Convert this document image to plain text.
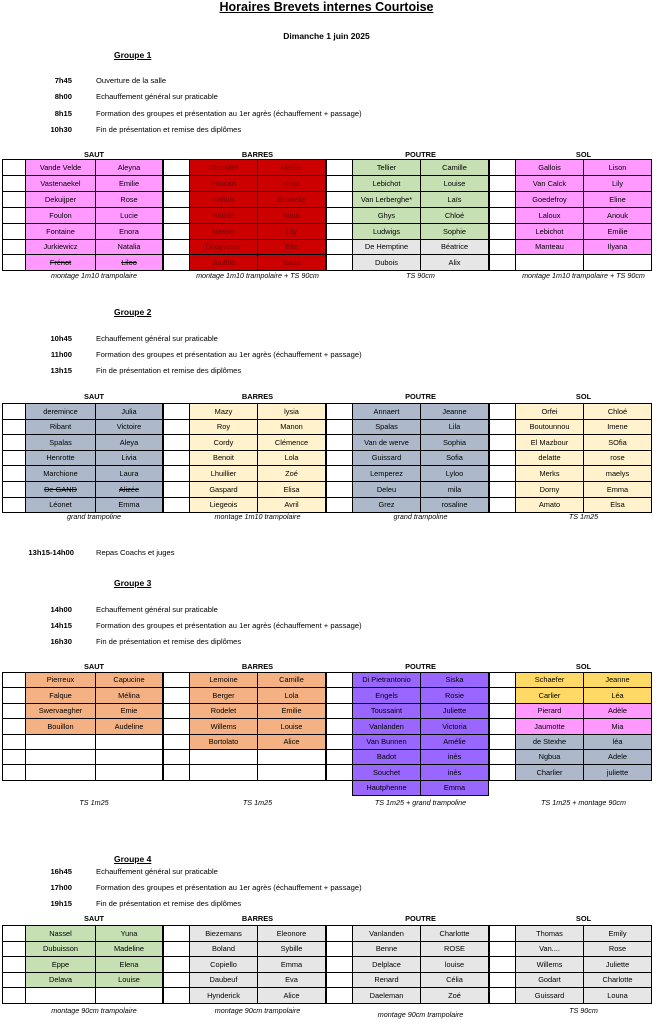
Horaires Brevets internes Courtoise
Dimanche 1 juin 2025
Groupe 1
7h45	Ouverture de la salle
8h00	Echauffement général sur praticable
8h15	Formation des groupes et présentation au 1er agrès (échauffement + passage)
10h30	Fin de présentation et remise des diplômes
SAUT
Vande Velde	Aleyna
Vastenaekel	Emilie
Dekuijper	Rose
Foulon	Lucie
Fontaine	Enora
Jurkiewicz	Natalia
Frénot	Liloo
montage 1m10 trampolaire
BARRES
Obergfell	Maëlle
Foucart	maya
Gallois	Brivaelle
Ridelle	Mina
Nassel	Lily
Dhuyvetter	Elie
Jouffila	Nada
montage 1m10 trampolaire + TS 90cm
POUTRE
Tellier	Camille
Lebichot	Louise
Van Lerberghe*	Laïs
Ghys	Chloé
Ludwigs	Sophie
De Hemptine	Béatrice
Dubois	Alix
TS 90cm
SOL
Gallois	Lison
Van Calck	Lily
Goedefroy	Eline
Laloux	Anouk
Lebichot	Emilie
Manteau	Ilyana
montage 1m10 trampolaire + TS 90cm
Groupe 2
10h45	Echauffement général sur praticable
11h00	Formation des groupes et présentation au 1er agrès (échauffement + passage)
13h15	Fin de présentation et remise des diplômes
SAUT
deremince	Julia
Ribant	Victoire
Spalas	Aleya
Henrotte	Livia
Marchione	Laura
De GAND	Alizée
Léonet	Emma
grand trampoline
BARRES
Mazy	lysia
Roy	Manon
Cordy	Clémence
Benoit	Lola
Lhuillier	Zoé
Gaspard	Elisa
Liegeois	Avril
montage 1m10 trampolaire
POUTRE
Annaert	Jeanne
Spalas	Lila
Van de werve	Sophia
Guissard	Sofia
Lemperez	Lyloo
Deleu	mila
Grez	rosaline
grand trampoline
SOL
Orfei	Chloé
Boutounnou	Imene
El Mazbour	SOfia
delatte	rose
Merks	maelys
Dorny	Emma
Amato	Elsa
TS 1m25
13h15-14h00	Repas Coachs et juges
Groupe 3
14h00	Echauffement général sur praticable
14h15	Formation des groupes et présentation au 1er agrès (échauffement + passage)
16h30	Fin de présentation et remise des diplômes
SAUT
Pierreux	Capucine
Falque	Mélina
Swervaegher	Emie
Bouillon	Audeline
TS 1m25
BARRES
Lemoine	Camille
Berger	Lola
Rodelet	Emilie
Willems	Louise
Bortolato	Alice
TS 1m25
POUTRE
Di Pietrantonio	Siska
Engels	Rosie
Toussaint	Juliette
Vanlanden	Victoria
Van Bunnen	Amélie
Badot	inès
Souchet	inès
Hautphenne	Emma
TS 1m25 + grand trampoline
SOL
Schaefer	Jeanne
Carlier	Léa
Pierard	Adèle
Jaumotte	Mia
de Stexhe	léa
Ngbua	Adele
Charlier	juliette
TS 1m25 + montage 90cm
Groupe 4
16h45	Echauffement général sur praticable
17h00	Formation des groupes et présentation au 1er agrès (échauffement + passage)
19h15	Fin de présentation et remise des diplômes
SAUT
Nassel	Yuna
Dubuisson	Madeline
Eppe	Elena
Delava	Louise
montage 90cm trampolaire
BARRES
Biezemans	Eleonore
Boland	Sybille
Copiello	Emma
Daubeuf	Eva
Hynderick	Alice
montage 90cm trampolaire
POUTRE
Vanlanden	Charlotte
Benne	ROSE
Delplace	louise
Renard	Célia
Daeleman	Zoé
montage 90cm trampolaire
SOL
Thomas	Emily
Van....	Rose
Willems	Juliette
Godart	Charlotte
Guissard	Louna
TS 90cm
